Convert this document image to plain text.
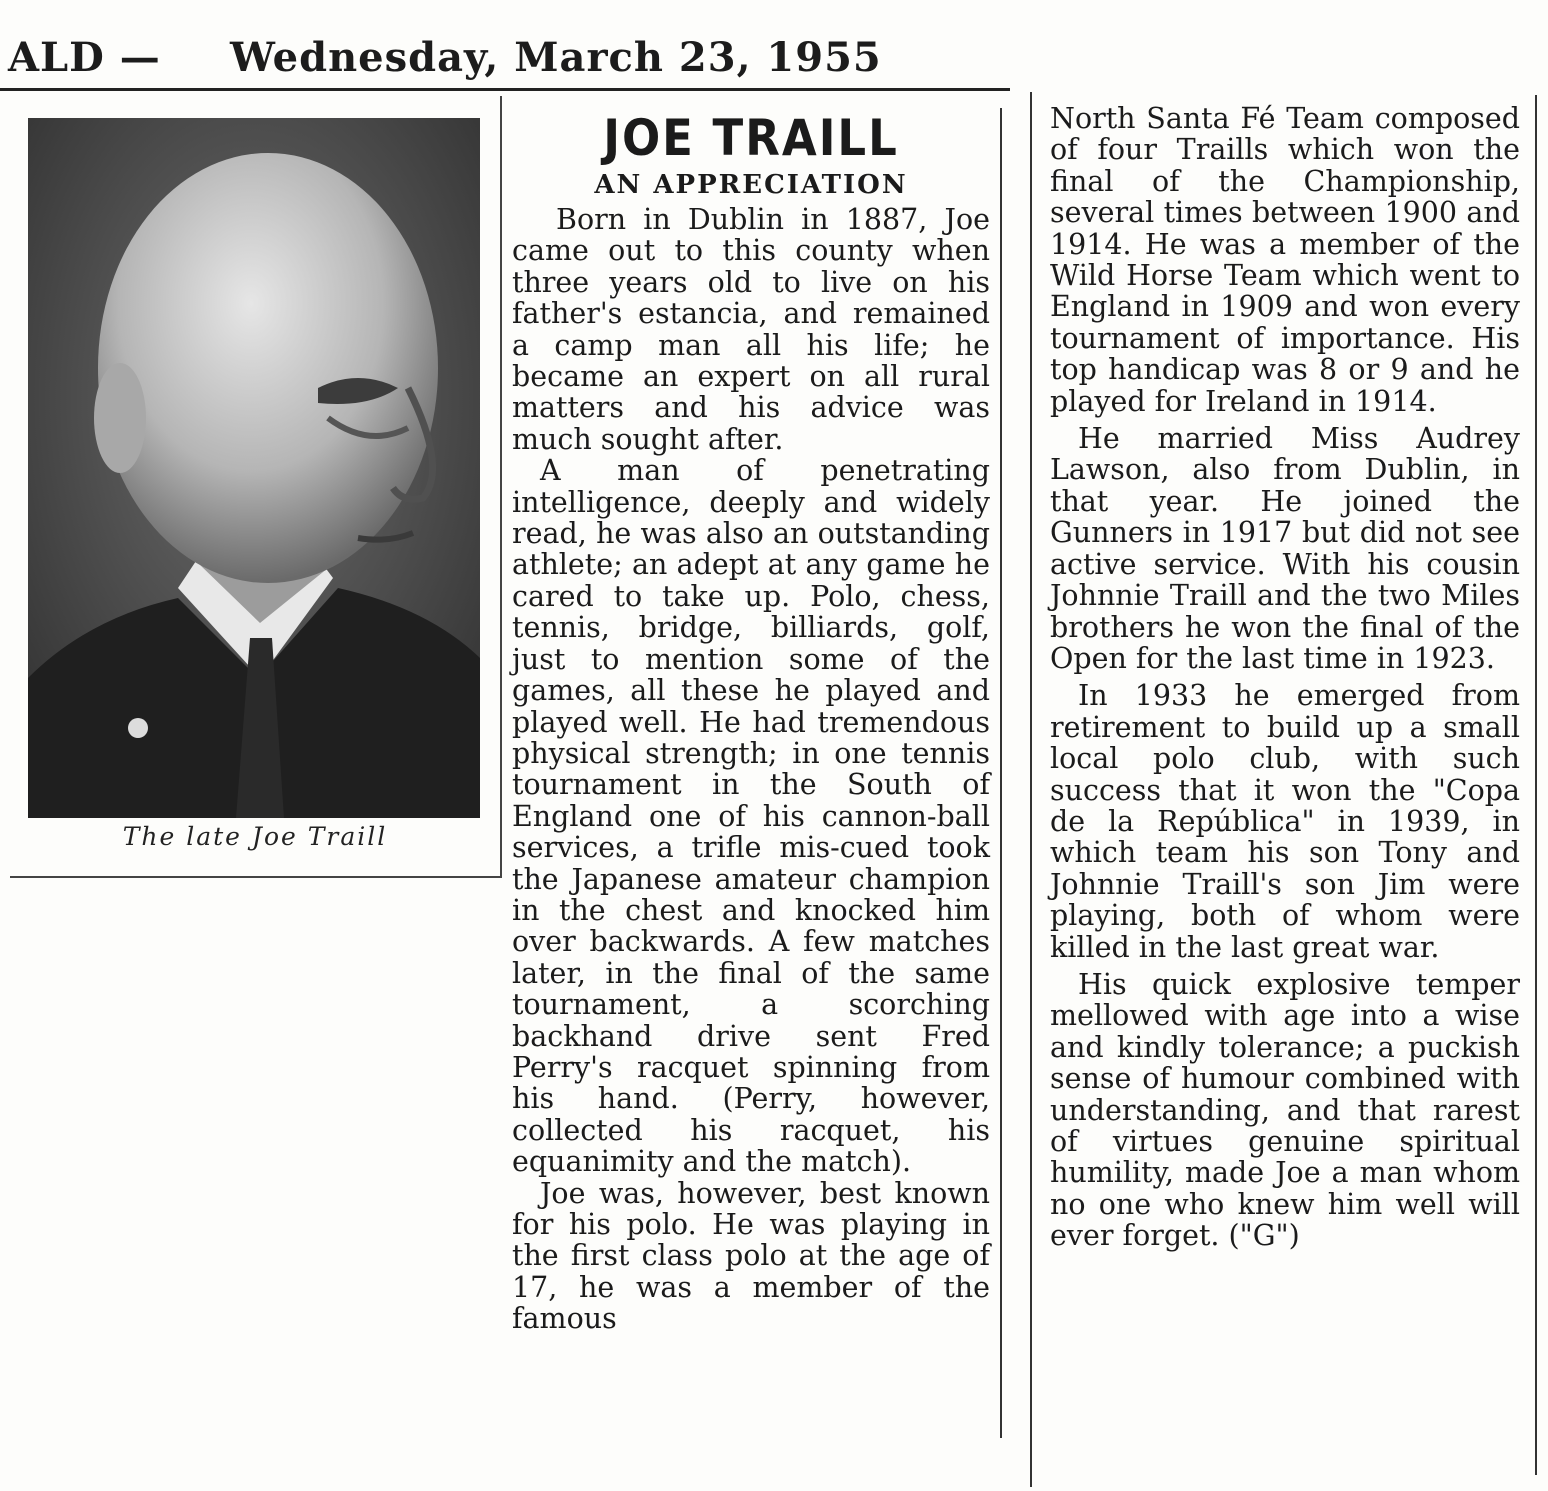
ALD — Wednesday, March 23, 1955
The late Joe Traill
JOE TRAILL
AN APPRECIATION

Born in Dublin in 1887, Joe came out to this county when three years old to live on his father's estancia, and remained a camp man all his life; he became an expert on all rural matters and his advice was much sought after.

A man of penetrating intelligence, deeply and widely read, he was also an outstanding athlete; an adept at any game he cared to take up. Polo, chess, tennis, bridge, billiards, golf, just to mention some of the games, all these he played and played well. He had tremendous physical strength; in one tennis tournament in the South of England one of his cannon-ball services, a trifle mis-cued took the Japanese amateur champion in the chest and knocked him over backwards. A few matches later, in the final of the same tournament, a scorching backhand drive sent Fred Perry's racquet spinning from his hand. (Perry, however, collected his racquet, his equanimity and the match).

Joe was, however, best known for his polo. He was playing in the first class polo at the age of 17, he was a member of the famous

North Santa Fé Team composed of four Traills which won the final of the Championship, several times between 1900 and 1914. He was a member of the Wild Horse Team which went to England in 1909 and won every tournament of importance. His top handicap was 8 or 9 and he played for Ireland in 1914.

He married Miss Audrey Lawson, also from Dublin, in that year. He joined the Gunners in 1917 but did not see active service. With his cousin Johnnie Traill and the two Miles brothers he won the final of the Open for the last time in 1923.

In 1933 he emerged from retirement to build up a small local polo club, with such success that it won the "Copa de la República" in 1939, in which team his son Tony and Johnnie Traill's son Jim were playing, both of whom were killed in the last great war.

His quick explosive temper mellowed with age into a wise and kindly tolerance; a puckish sense of humour combined with understanding, and that rarest of virtues genuine spiritual humility, made Joe a man whom no one who knew him well will ever forget. ("G")
